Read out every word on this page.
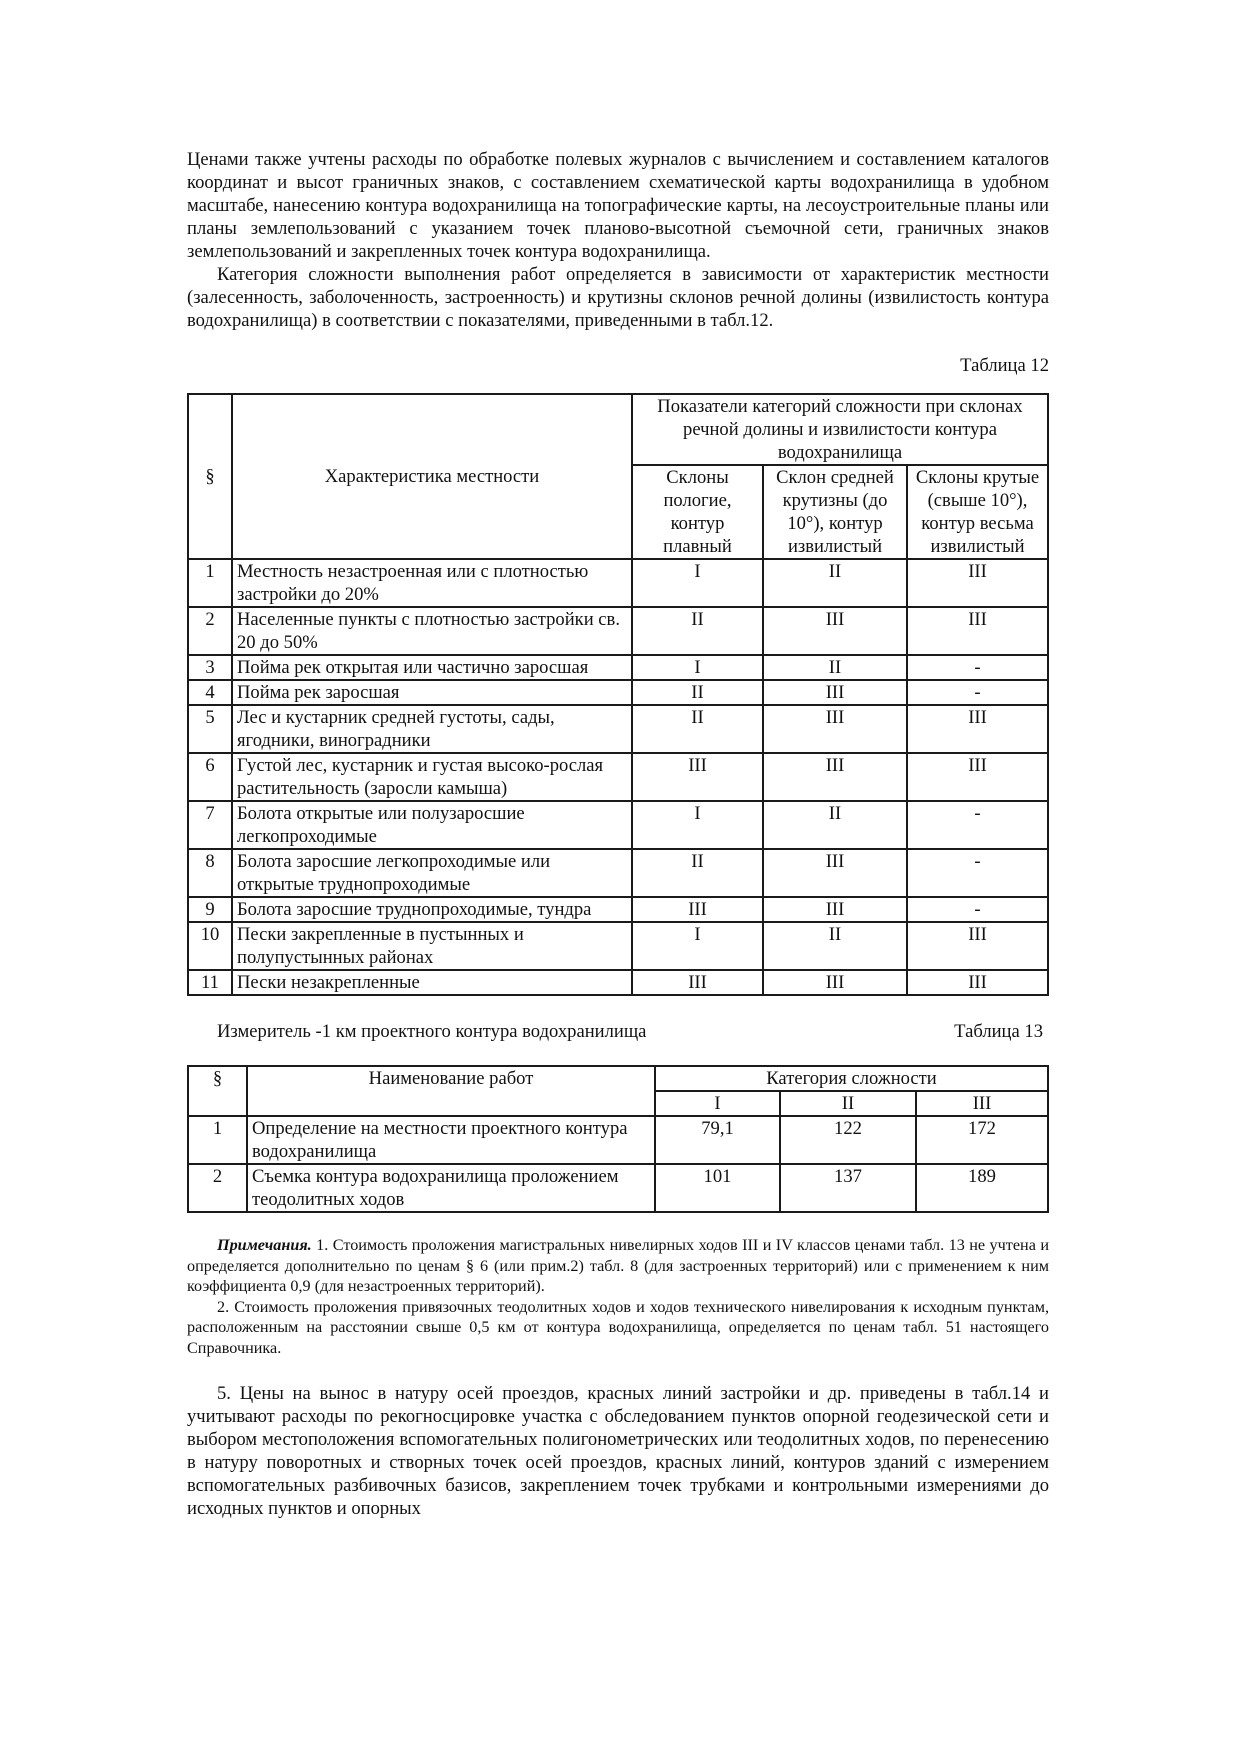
Ценами также учтены расходы по обработке полевых журналов с вычислением и составлением каталогов координат и высот граничных знаков, с составлением схематической карты водохранилища в удобном масштабе, нанесению контура водохранилища на топографические карты, на лесоустроительные планы или планы землепользований с указанием точек планово-высотной съемочной сети, граничных знаков землепользований и закрепленных точек контура водохранилища.

Категория сложности выполнения работ определяется в зависимости от характеристик местности (залесенность, заболоченность, застроенность) и крутизны склонов речной долины (извилистость контура водохранилища) в соответствии с показателями, приведенными в табл.12.

Таблица 12

§	Характеристика местности	Показатели категорий сложности при склонах речной долины и извилистости контура водохранилища		
		Склоны пологие, контур плавный	Склон средней крутизны (до 10°), контур извилистый	Склоны крутые (свыше 10°), контур весьма извилистый
1	Местность незастроенная или с плотностью застройки до 20%	I	II	III
2	Населенные пункты с плотностью застройки св. 20 до 50%	II	III	III
3	Пойма рек открытая или частично заросшая	I	II	-
4	Пойма рек заросшая	II	III	-
5	Лес и кустарник средней густоты, сады, ягодники, виноградники	II	III	III
6	Густой лес, кустарник и густая высоко-рослая растительность (заросли камыша)	III	III	III
7	Болота открытые или полузаросшие легкопроходимые	I	II	-
8	Болота заросшие легкопроходимые или открытые труднопроходимые	II	III	-
9	Болота заросшие труднопроходимые, тундра	III	III	-
10	Пески закрепленные в пустынных и полупустынных районах	I	II	III
11	Пески незакрепленные	III	III	III
Измеритель -1 км проектного контура водохранилища	Таблица 13
§	Наименование работ	Категория сложности		
		I	II	III
1	Определение на местности проектного контура водохранилища	79,1	122	172
2	Съемка контура водохранилища проложением теодолитных ходов	101	137	189

Примечания. 1. Стоимость проложения магистральных нивелирных ходов III и IV классов ценами табл. 13 не учтена и определяется дополнительно по ценам § 6 (или прим.2) табл. 8 (для застроенных территорий) или с применением к ним коэффициента 0,9 (для незастроенных территорий).

2. Стоимость проложения привязочных теодолитных ходов и ходов технического нивелирования к исходным пунктам, расположенным на расстоянии свыше 0,5 км от контура водохранилища, определяется по ценам табл. 51 настоящего Справочника.

5. Цены на вынос в натуру осей проездов, красных линий застройки и др. приведены в табл.14 и учитывают расходы по рекогносцировке участка с обследованием пунктов опорной геодезической сети и выбором местоположения вспомогательных полигонометрических или теодолитных ходов, по перенесению в натуру поворотных и створных точек осей проездов, красных линий, контуров зданий с измерением вспомогательных разбивочных базисов, закреплением точек трубками и контрольными измерениями до исходных пунктов и опорных
